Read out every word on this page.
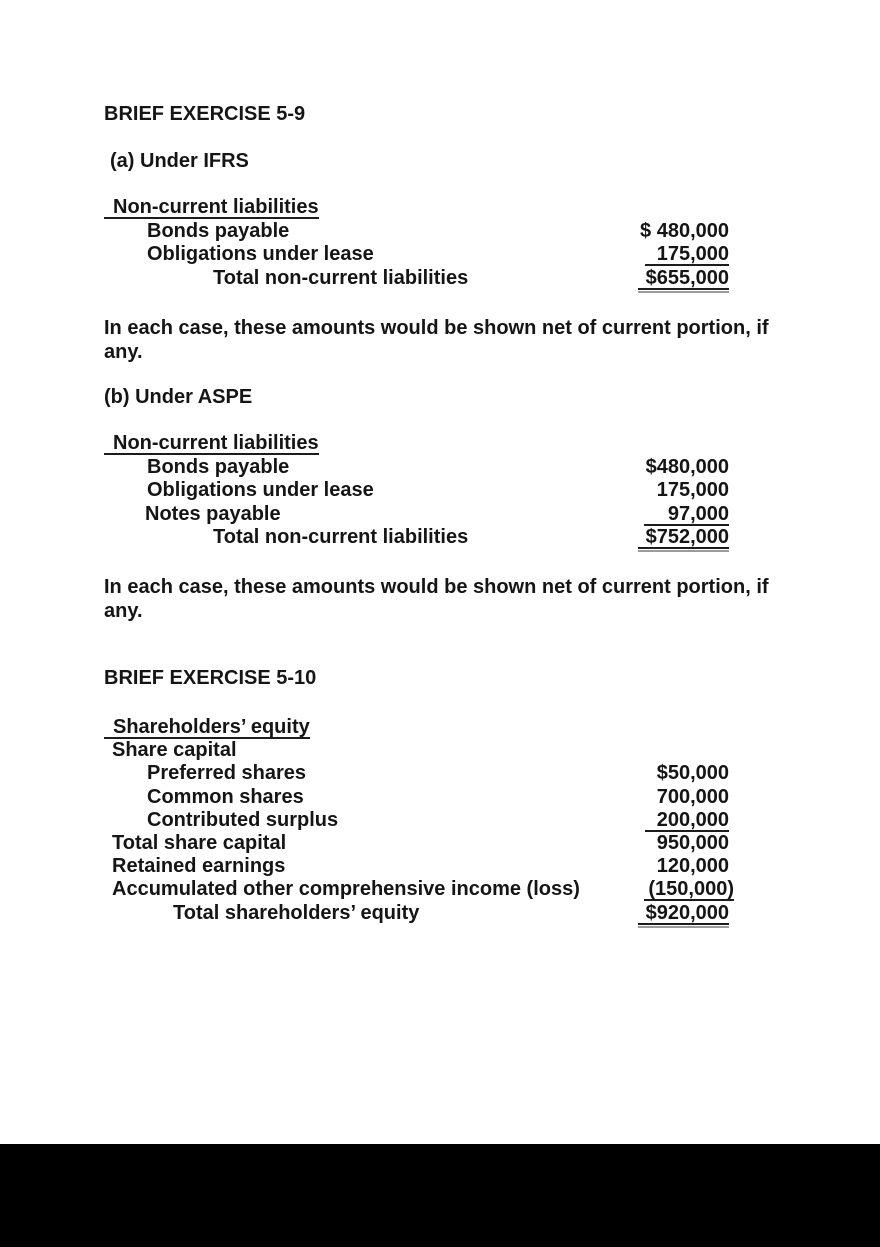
BRIEF EXERCISE 5-9
(a) Under IFRS
Non-current liabilities
Bonds payable	$ 480,000
Obligations under lease	175,000
Total non-current liabilities	$655,000
In each case, these amounts would be shown net of current portion, if
any.
(b) Under ASPE
Non-current liabilities
Bonds payable	$480,000
Obligations under lease	175,000
Notes payable	97,000
Total non-current liabilities	$752,000
In each case, these amounts would be shown net of current portion, if
any.
BRIEF EXERCISE 5-10
Shareholders’ equity
Share capital
Preferred shares	$50,000
Common shares	700,000
Contributed surplus	200,000
Total share capital	950,000
Retained earnings	120,000
Accumulated other comprehensive income (loss)	(150,000)
Total shareholders’ equity	$920,000
